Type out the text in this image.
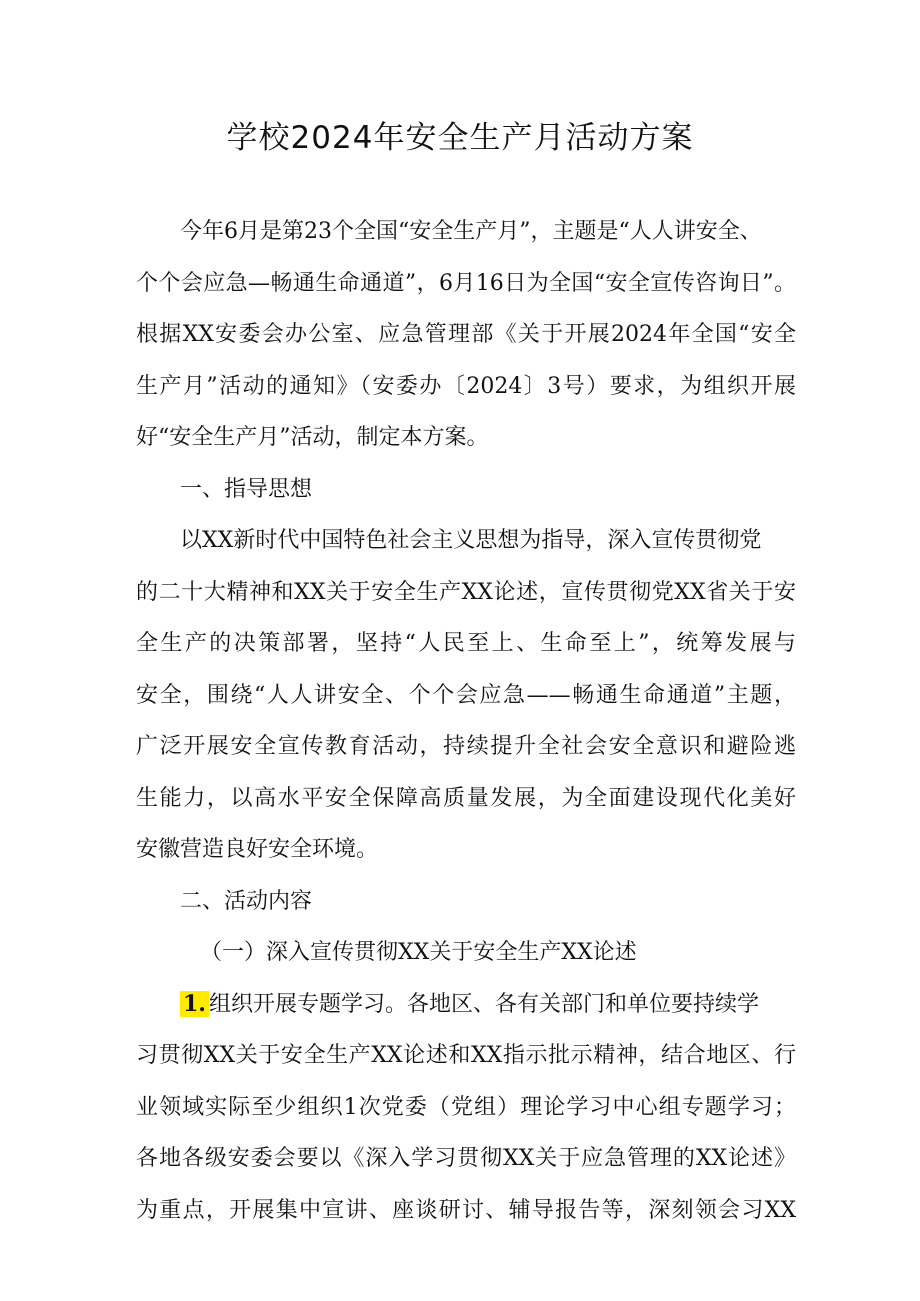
学校2024年安全生产月活动方案
今年6月是第23个全国“安全生产月”，主题是“人人讲安全、
个个会应急—畅通生命通道”，6月16日为全国“安全宣传咨询日”。
根据XX安委会办公室、应急管理部《关于开展2024年全国“安全
生产月”活动的通知》（安委办〔2024〕3号）要求，为组织开展
好“安全生产月”活动，制定本方案。
一、指导思想
以XX新时代中国特色社会主义思想为指导，深入宣传贯彻党
的二十大精神和XX关于安全生产XX论述，宣传贯彻党XX省关于安
全生产的决策部署，坚持“人民至上、生命至上”，统筹发展与
安全，围绕“人人讲安全、个个会应急——畅通生命通道”主题，
广泛开展安全宣传教育活动，持续提升全社会安全意识和避险逃
生能力，以高水平安全保障高质量发展，为全面建设现代化美好
安徽营造良好安全环境。
二、活动内容
（一）深入宣传贯彻XX关于安全生产XX论述
1. 组织开展专题学习。各地区、各有关部门和单位要持续学
习贯彻XX关于安全生产XX论述和XX指示批示精神，结合地区、行
业领域实际至少组织1次党委（党组）理论学习中心组专题学习；
各地各级安委会要以《深入学习贯彻XX关于应急管理的XX论述》
为重点，开展集中宣讲、座谈研讨、辅导报告等，深刻领会习XX
